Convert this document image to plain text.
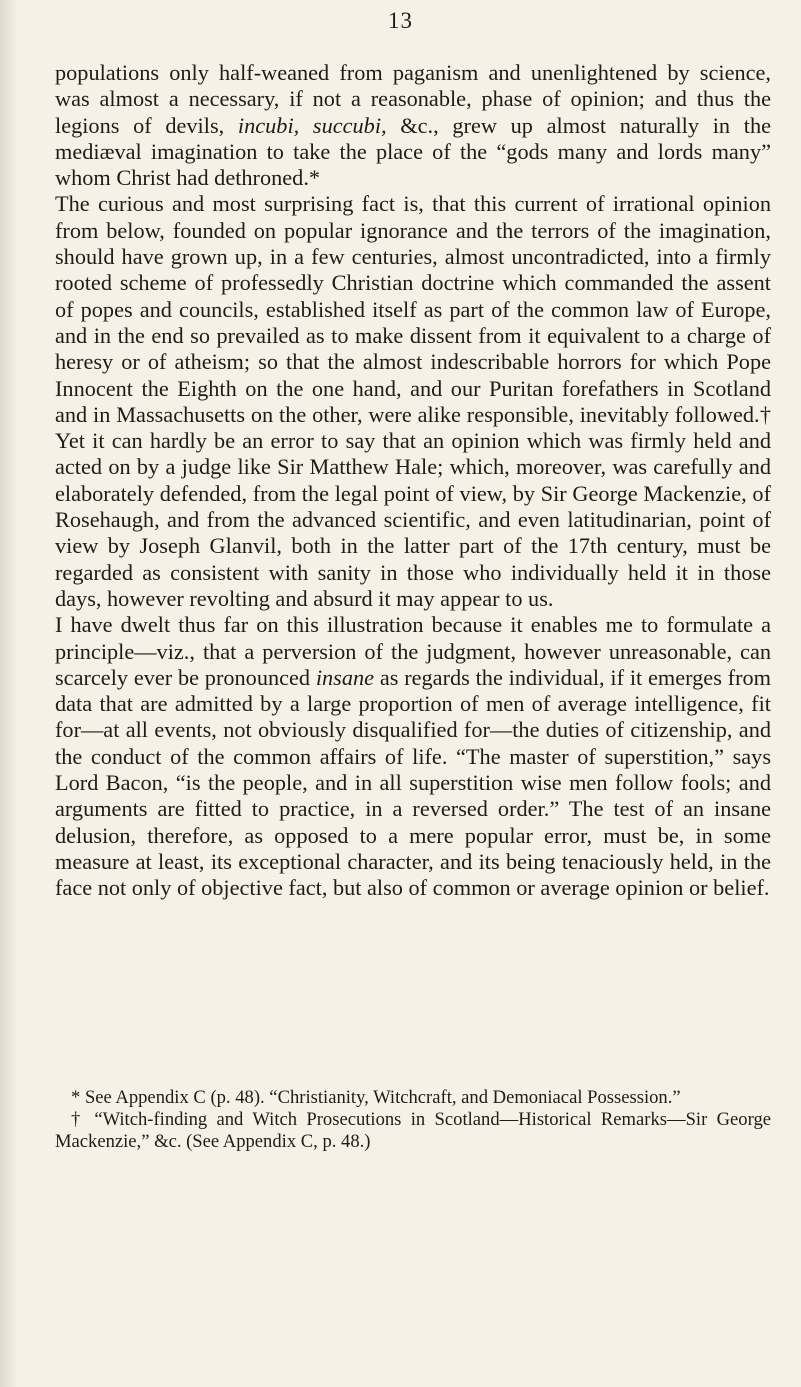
13

populations only half-weaned from paganism and unenlightened by science, was almost a necessary, if not a reasonable, phase of opinion; and thus the legions of devils, incubi, succubi, &c., grew up almost naturally in the mediæval imagination to take the place of the “gods many and lords many” whom Christ had dethroned.*

The curious and most surprising fact is, that this current of irrational opinion from below, founded on popular ignorance and the terrors of the imagination, should have grown up, in a few centuries, almost uncontradicted, into a firmly rooted scheme of professedly Christian doctrine which commanded the assent of popes and councils, established itself as part of the common law of Europe, and in the end so prevailed as to make dissent from it equivalent to a charge of heresy or of atheism; so that the almost indescribable horrors for which Pope Innocent the Eighth on the one hand, and our Puritan forefathers in Scotland and in Massachusetts on the other, were alike responsible, inevitably followed.† Yet it can hardly be an error to say that an opinion which was firmly held and acted on by a judge like Sir Matthew Hale; which, moreover, was carefully and elaborately defended, from the legal point of view, by Sir George Mackenzie, of Rosehaugh, and from the advanced scientific, and even latitudinarian, point of view by Joseph Glanvil, both in the latter part of the 17th century, must be regarded as consistent with sanity in those who individually held it in those days, however revolting and absurd it may appear to us.

I have dwelt thus far on this illustration because it enables me to formulate a principle—viz., that a perversion of the judgment, however unreasonable, can scarcely ever be pronounced insane as regards the individual, if it emerges from data that are admitted by a large proportion of men of average intelligence, fit for—at all events, not obviously disqualified for—the duties of citizenship, and the conduct of the common affairs of life. “The master of superstition,” says Lord Bacon, “is the people, and in all superstition wise men follow fools; and arguments are fitted to practice, in a reversed order.” The test of an insane delusion, therefore, as opposed to a mere popular error, must be, in some measure at least, its exceptional character, and its being tenaciously held, in the face not only of objective fact, but also of common or average opinion or belief.

* See Appendix C (p. 48). “Christianity, Witchcraft, and Demoniacal Possession.”

† “Witch-finding and Witch Prosecutions in Scotland—Historical Remarks—Sir George Mackenzie,” &c. (See Appendix C, p. 48.)
